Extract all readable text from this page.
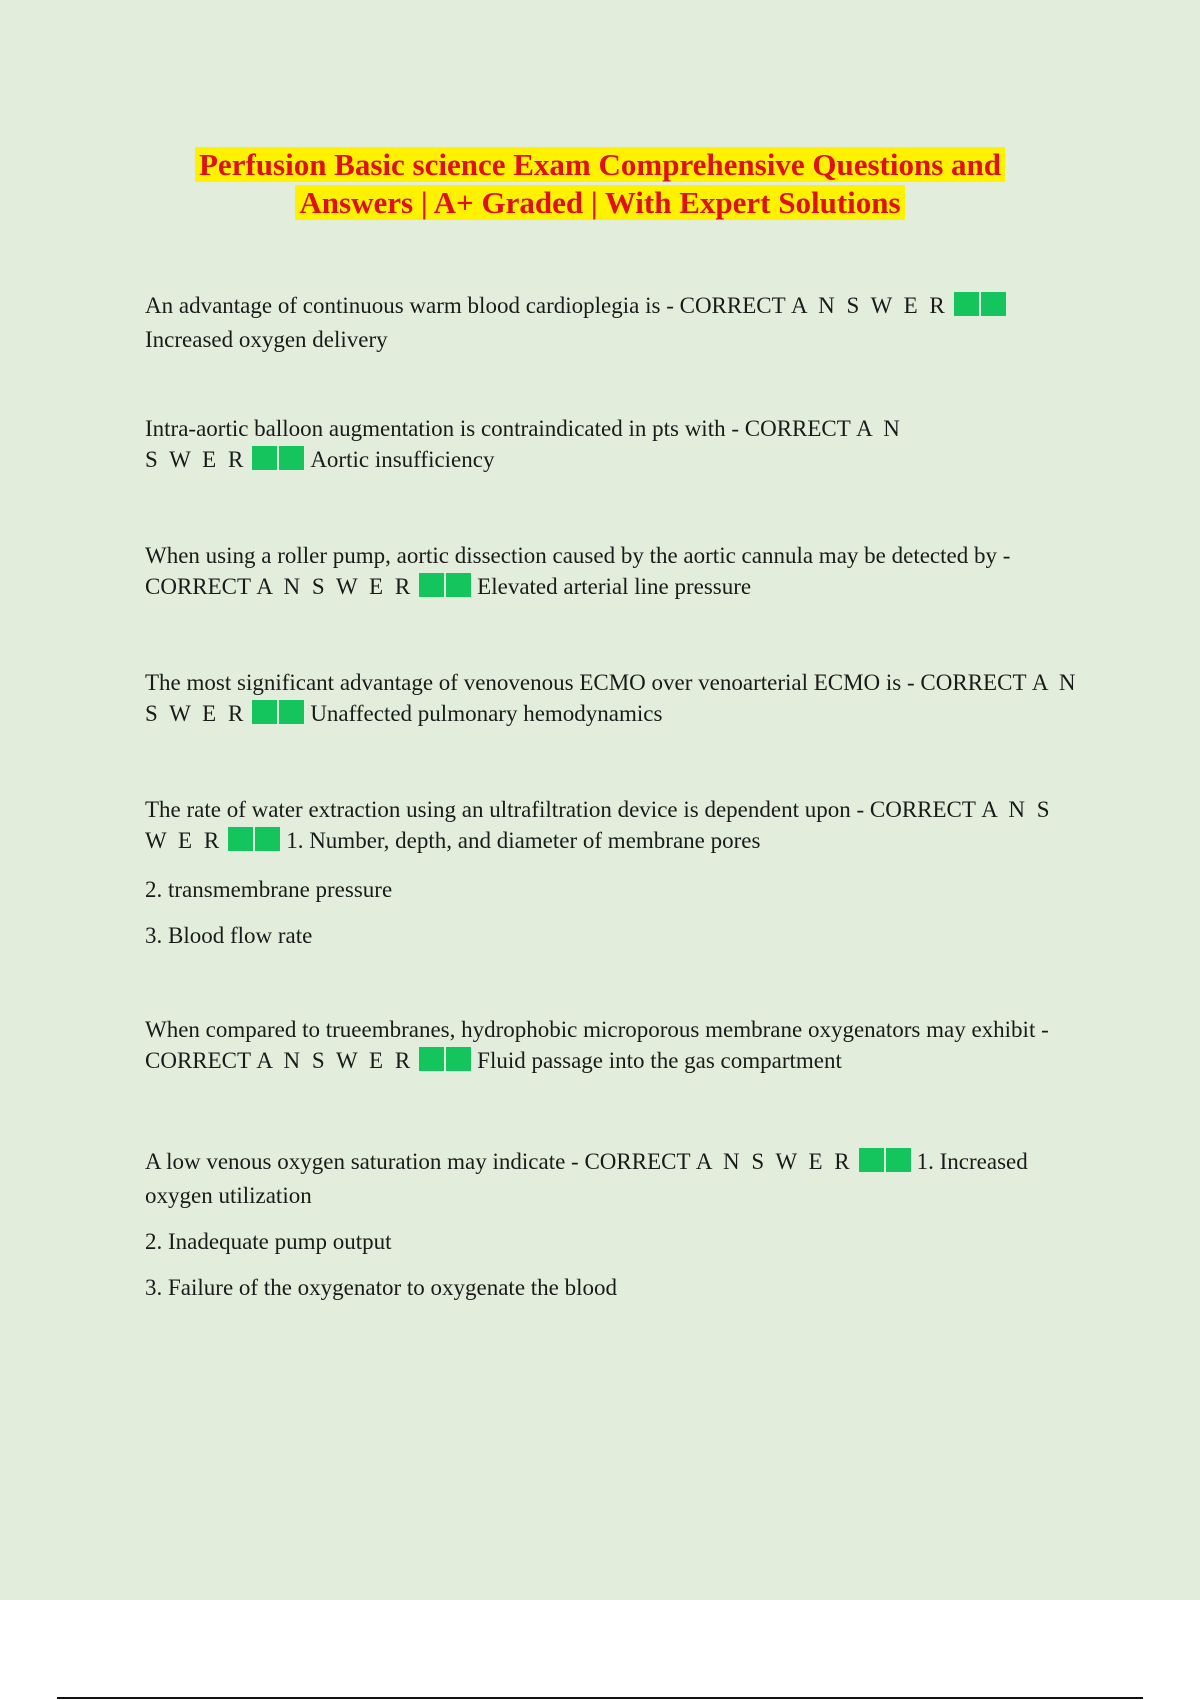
Perfusion Basic science Exam Comprehensive Questions and
Answers | A+ Graded | With Expert Solutions

An advantage of continuous warm blood cardioplegia is - CORRECT A N S W E RIncreased oxygen delivery

Intra-aortic balloon augmentation is contraindicated in pts with - CORRECT A N S W E R	Aortic insufficiency

When using a roller pump, aortic dissection caused by the aortic cannula may be detected by - CORRECT A N S W E R	Elevated arterial line pressure

The most significant advantage of venovenous ECMO over venoarterial ECMO is - CORRECT A N S W E R	Unaffected pulmonary hemodynamics

The rate of water extraction using an ultrafiltration device is dependent upon - CORRECT A N S W E R	1. Number, depth, and diameter of membrane pores

2. transmembrane pressure

3. Blood flow rate

When compared to trueembranes, hydrophobic microporous membrane oxygenators may exhibit - CORRECT A N S W E R	Fluid passage into the gas compartment

A low venous oxygen saturation may indicate - CORRECT A N S W E R	1. Increased oxygen utilization

2. Inadequate pump output

3. Failure of the oxygenator to oxygenate the blood
